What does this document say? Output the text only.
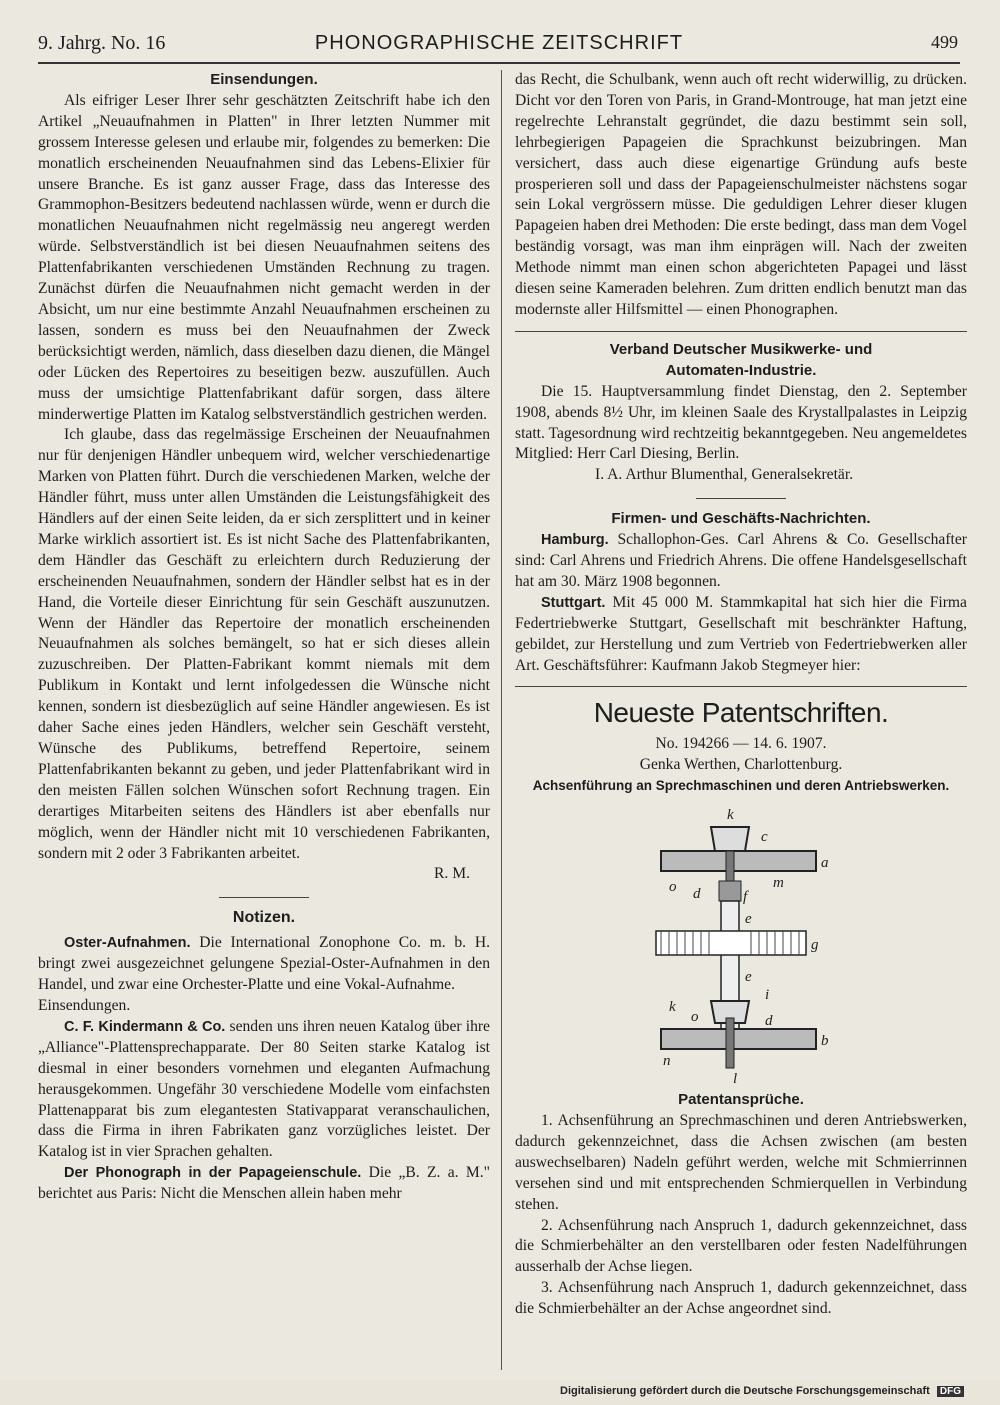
9. Jahrg. No. 16	PHONOGRAPHISCHE ZEITSCHRIFT	499
Einsendungen.

Als eifriger Leser Ihrer sehr geschätzten Zeitschrift habe ich den Artikel „Neuaufnahmen in Platten" in Ihrer letzten Nummer mit grossem Interesse gelesen und erlaube mir, folgendes zu bemerken: Die monatlich erscheinenden Neuaufnahmen sind das Lebens-Elixier für unsere Branche. Es ist ganz ausser Frage, dass das Interesse des Grammophon-Besitzers bedeutend nachlassen würde, wenn er durch die monatlichen Neuaufnahmen nicht regelmässig neu angeregt werden würde. Selbstverständlich ist bei diesen Neuaufnahmen seitens des Plattenfabrikanten verschiedenen Umständen Rechnung zu tragen. Zunächst dürfen die Neuaufnahmen nicht gemacht werden in der Absicht, um nur eine bestimmte Anzahl Neuaufnahmen erscheinen zu lassen, sondern es muss bei den Neuaufnahmen der Zweck berücksichtigt werden, nämlich, dass dieselben dazu dienen, die Mängel oder Lücken des Repertoires zu beseitigen bezw. auszufüllen. Auch muss der umsichtige Plattenfabrikant dafür sorgen, dass ältere minderwertige Platten im Katalog selbstverständlich gestrichen werden.

Ich glaube, dass das regelmässige Erscheinen der Neuaufnahmen nur für denjenigen Händler unbequem wird, welcher verschiedenartige Marken von Platten führt. Durch die verschiedenen Marken, welche der Händler führt, muss unter allen Umständen die Leistungsfähigkeit des Händlers auf der einen Seite leiden, da er sich zersplittert und in keiner Marke wirklich assortiert ist. Es ist nicht Sache des Plattenfabrikanten, dem Händler das Geschäft zu erleichtern durch Reduzierung der erscheinenden Neuaufnahmen, sondern der Händler selbst hat es in der Hand, die Vorteile dieser Einrichtung für sein Geschäft auszunutzen. Wenn der Händler das Repertoire der monatlich erscheinenden Neuaufnahmen als solches bemängelt, so hat er sich dieses allein zuzuschreiben. Der Platten-Fabrikant kommt niemals mit dem Publikum in Kontakt und lernt infolgedessen die Wünsche nicht kennen, sondern ist diesbezüglich auf seine Händler angewiesen. Es ist daher Sache eines jeden Händlers, welcher sein Geschäft versteht, Wünsche des Publikums, betreffend Repertoire, seinem Plattenfabrikanten bekannt zu geben, und jeder Plattenfabrikant wird in den meisten Fällen solchen Wünschen sofort Rechnung tragen. Ein derartiges Mitarbeiten seitens des Händlers ist aber ebenfalls nur möglich, wenn der Händler nicht mit 10 verschiedenen Fabrikanten, sondern mit 2 oder 3 Fabrikanten arbeitet.

R. M.
Notizen.

Oster-Aufnahmen. Die International Zonophone Co. m. b. H. bringt zwei ausgezeichnet gelungene Spezial-Oster-Aufnahmen in den Handel, und zwar eine Orchester-Platte und eine Vokal-Aufnahme.

Einsendungen.

C. F. Kindermann & Co. senden uns ihren neuen Katalog über ihre „Alliance"-Plattensprechapparate. Der 80 Seiten starke Katalog ist diesmal in einer besonders vornehmen und eleganten Aufmachung herausgekommen. Ungefähr 30 verschiedene Modelle vom einfachsten Plattenapparat bis zum elegantesten Stativapparat veranschaulichen, dass die Firma in ihren Fabrikaten ganz vorzügliches leistet. Der Katalog ist in vier Sprachen gehalten.

Der Phonograph in der Papageienschule. Die „B. Z. a. M." berichtet aus Paris: Nicht die Menschen allein haben mehr

das Recht, die Schulbank, wenn auch oft recht widerwillig, zu drücken. Dicht vor den Toren von Paris, in Grand-Montrouge, hat man jetzt eine regelrechte Lehranstalt gegründet, die dazu bestimmt sein soll, lehrbegierigen Papageien die Sprachkunst beizubringen. Man versichert, dass auch diese eigenartige Gründung aufs beste prosperieren soll und dass der Papageienschulmeister nächstens sogar sein Lokal vergrössern müsse. Die geduldigen Lehrer dieser klugen Papageien haben drei Methoden: Die erste bedingt, dass man dem Vogel beständig vorsagt, was man ihm einprägen will. Nach der zweiten Methode nimmt man einen schon abgerichteten Papagei und lässt diesen seine Kameraden belehren. Zum dritten endlich benutzt man das modernste aller Hilfsmittel — einen Phonographen.

Verband Deutscher Musikwerke- und
Automaten-Industrie.

Die 15. Hauptversammlung findet Dienstag, den 2. September 1908, abends 8½ Uhr, im kleinen Saale des Krystallpalastes in Leipzig statt. Tagesordnung wird rechtzeitig bekanntgegeben. Neu angemeldetes Mitglied: Herr Carl Diesing, Berlin.

I. A. Arthur Blumenthal, Generalsekretär.

Firmen- und Geschäfts-Nachrichten.

Hamburg. Schallophon-Ges. Carl Ahrens & Co. Gesellschafter sind: Carl Ahrens und Friedrich Ahrens. Die offene Handelsgesellschaft hat am 30. März 1908 begonnen.

Stuttgart. Mit 45 000 M. Stammkapital hat sich hier die Firma Federtriebwerke Stuttgart, Gesellschaft mit beschränkter Haftung, gebildet, zur Herstellung und zum Vertrieb von Federtriebwerken aller Art. Geschäftsführer: Kaufmann Jakob Stegmeyer hier:

Neueste Patentschriften.
No. 194266 — 14. 6. 1907.
Genka Werthen, Charlottenburg.
Achsenführung an Sprechmaschinen und deren Antriebswerken.
k
c
a
o d
m
f
e
g
e
k
i
o	d
b
n
l
Patentansprüche.

1. Achsenführung an Sprechmaschinen und deren Antriebswerken, dadurch gekennzeichnet, dass die Achsen zwischen (am besten auswechselbaren) Nadeln geführt werden, welche mit Schmierrinnen versehen sind und mit entsprechenden Schmierquellen in Verbindung stehen.

2. Achsenführung nach Anspruch 1, dadurch gekennzeichnet, dass die Schmierbehälter an den verstellbaren oder festen Nadelführungen ausserhalb der Achse liegen.

3. Achsenführung nach Anspruch 1, dadurch gekennzeichnet, dass die Schmierbehälter an der Achse angeordnet sind.

Digitalisierung gefördert durch die Deutsche Forschungsgemeinschaft DFG
